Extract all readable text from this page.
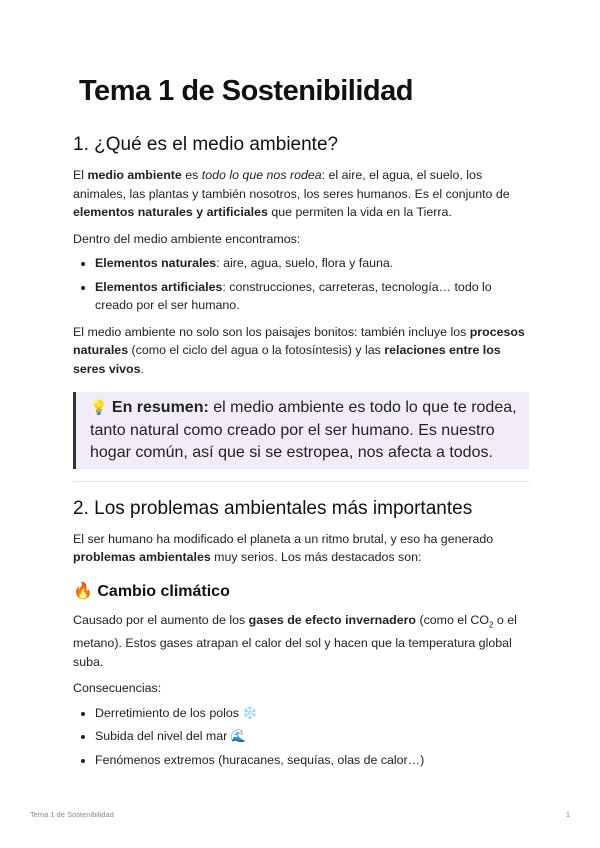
Tema 1 de Sostenibilidad
1. ¿Qué es el medio ambiente?

El medio ambiente es todo lo que nos rodea: el aire, el agua, el suelo, los animales, las plantas y también nosotros, los seres humanos. Es el conjunto de elementos naturales y artificiales que permiten la vida en la Tierra.

Dentro del medio ambiente encontramos:

• Elementos naturales: aire, agua, suelo, flora y fauna.
• Elementos artificiales: construcciones, carreteras, tecnología… todo lo creado por el ser humano.

El medio ambiente no solo son los paisajes bonitos: también incluye los procesos naturales (como el ciclo del agua o la fotosíntesis) y las relaciones entre los seres vivos.

💡 En resumen: el medio ambiente es todo lo que te rodea, tanto natural como creado por el ser humano. Es nuestro hogar común, así que si se estropea, nos afecta a todos.
2. Los problemas ambientales más importantes

El ser humano ha modificado el planeta a un ritmo brutal, y eso ha generado problemas ambientales muy serios. Los más destacados son:

🔥 Cambio climático

Causado por el aumento de los gases de efecto invernadero (como el $CO_2$ o el metano). Estos gases atrapan el calor del sol y hacen que la temperatura global suba.

Consecuencias:

• Derretimiento de los polos ❄️
• Subida del nivel del mar 🌊
• Fenómenos extremos (huracanes, sequías, olas de calor…)
Tema 1 de Sostenibilidad	1
